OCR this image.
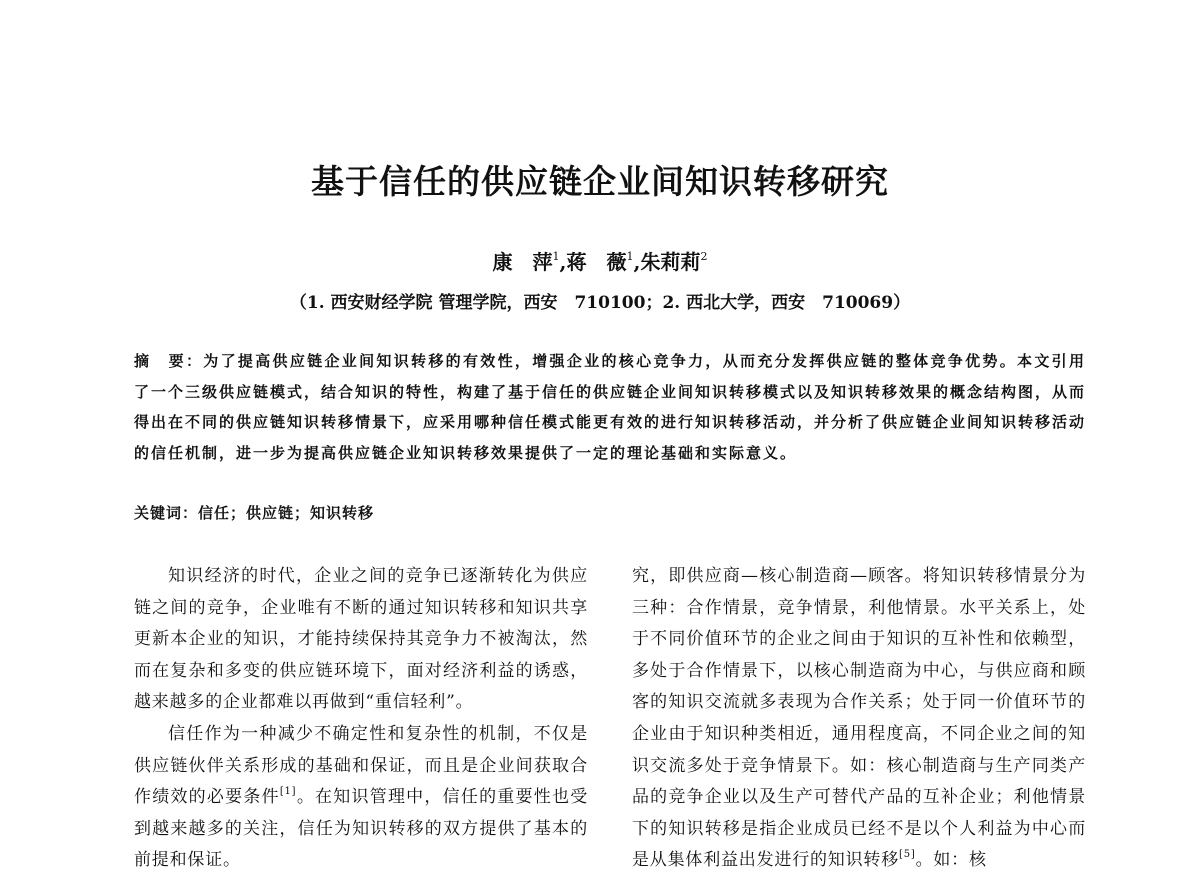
基于信任的供应链企业间知识转移研究
康　萍$^1$,蒋　薇$^1$,朱莉莉$^2$
（1. 西安财经学院 管理学院，西安　710100；2. 西北大学，西安　710069）

摘　要：为了提高供应链企业间知识转移的有效性，增强企业的核心竞争力，从而充分发挥供应链的整体竞争优势。本文引用了一个三级供应链模式，结合知识的特性，构建了基于信任的供应链企业间知识转移模式以及知识转移效果的概念结构图，从而得出在不同的供应链知识转移情景下，应采用哪种信任模式能更有效的进行知识转移活动，并分析了供应链企业间知识转移活动的信任机制，进一步为提高供应链企业知识转移效果提供了一定的理论基础和实际意义。

关键词：信任；供应链；知识转移

知识经济的时代，企业之间的竞争已逐渐转化为供应链之间的竞争，企业唯有不断的通过知识转移和知识共享更新本企业的知识，才能持续保持其竞争力不被淘汰，然而在复杂和多变的供应链环境下，面对经济利益的诱惑，越来越多的企业都难以再做到“重信轻利”。

信任作为一种减少不确定性和复杂性的机制，不仅是供应链伙伴关系形成的基础和保证，而且是企业间获取合作绩效的必要条件[1]。在知识管理中，信任的重要性也受到越来越多的关注，信任为知识转移的双方提供了基本的前提和保证。

究，即供应商—核心制造商—顾客。将知识转移情景分为三种：合作情景，竞争情景，利他情景。水平关系上，处于不同价值环节的企业之间由于知识的互补性和依赖型，多处于合作情景下，以核心制造商为中心，与供应商和顾客的知识交流就多表现为合作关系；处于同一价值环节的企业由于知识种类相近，通用程度高，不同企业之间的知识交流多处于竞争情景下。如：核心制造商与生产同类产品的竞争企业以及生产可替代产品的互补企业；利他情景下的知识转移是指企业成员已经不是以个人利益为中心而是从集体利益出发进行的知识转移[5]。如：核
